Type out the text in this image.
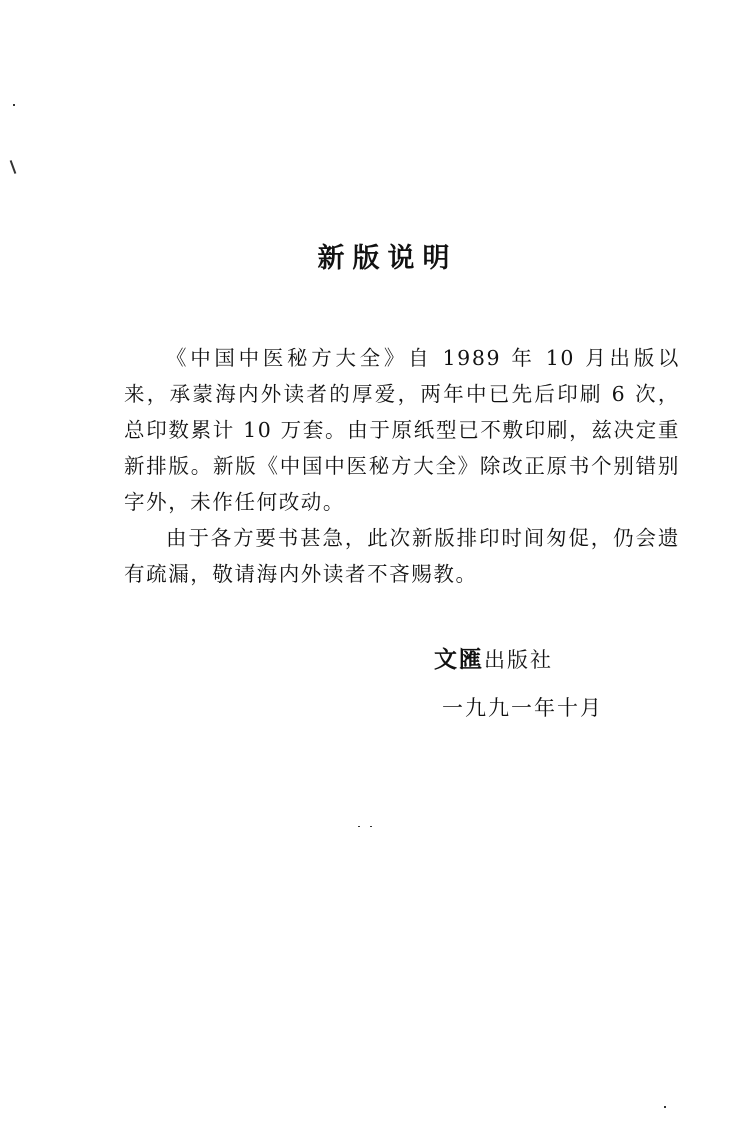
新版说明

《中国中医秘方大全》自 1989 年 10 月出版以来，承蒙海内外读者的厚爱，两年中已先后印刷 6 次，总印数累计 10 万套。由于原纸型已不敷印刷，兹决定重新排版。新版《中国中医秘方大全》除改正原书个别错别字外，未作任何改动。

由于各方要书甚急，此次新版排印时间匆促，仍会遗有疏漏，敬请海内外读者不吝赐教。

文匯出版社
一九九一年十月
